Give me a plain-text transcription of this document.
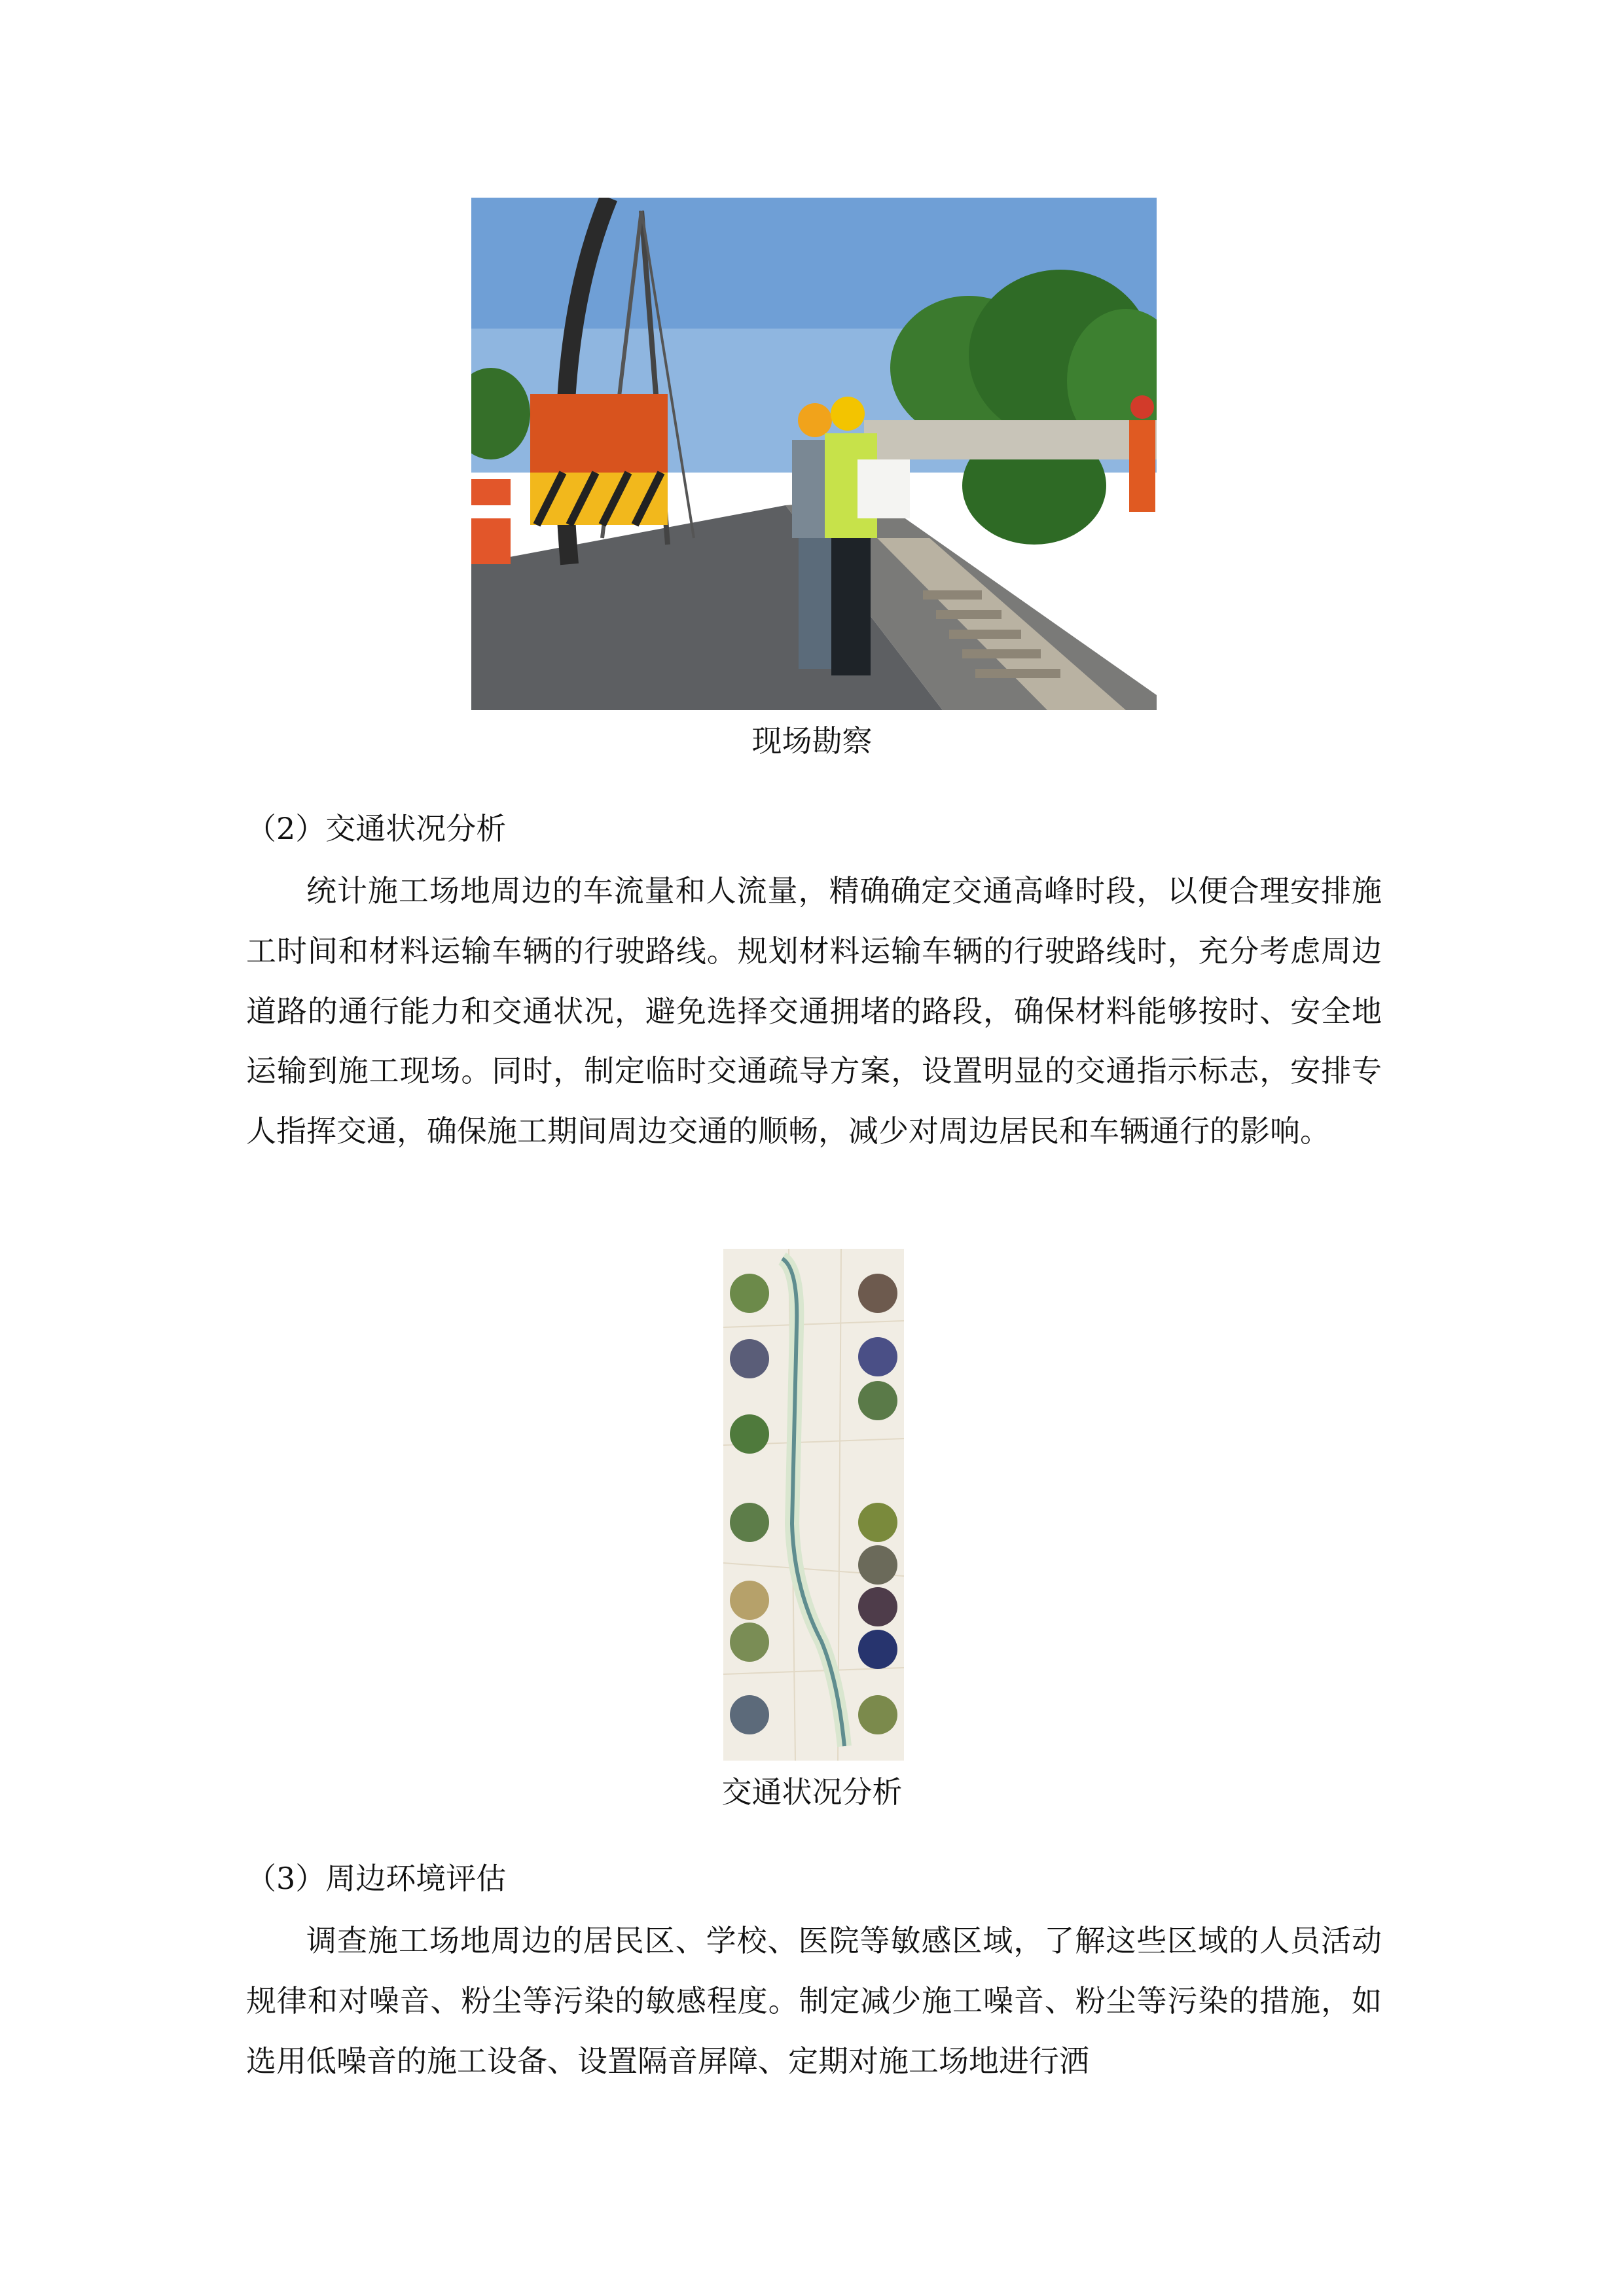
现场勘察
（2）交通状况分析

统计施工场地周边的车流量和人流量，精确确定交通高峰时段，以便合理安排施工时间和材料运输车辆的行驶路线。规划材料运输车辆的行驶路线时，充分考虑周边道路的通行能力和交通状况，避免选择交通拥堵的路段，确保材料能够按时、安全地运输到施工现场。同时，制定临时交通疏导方案，设置明显的交通指示标志，安排专人指挥交通，确保施工期间周边交通的顺畅，减少对周边居民和车辆通行的影响。

交通状况分析
（3）周边环境评估

调查施工场地周边的居民区、学校、医院等敏感区域，了解这些区域的人员活动规律和对噪音、粉尘等污染的敏感程度。制定减少施工噪音、粉尘等污染的措施，如选用低噪音的施工设备、设置隔音屏障、定期对施工场地进行洒
